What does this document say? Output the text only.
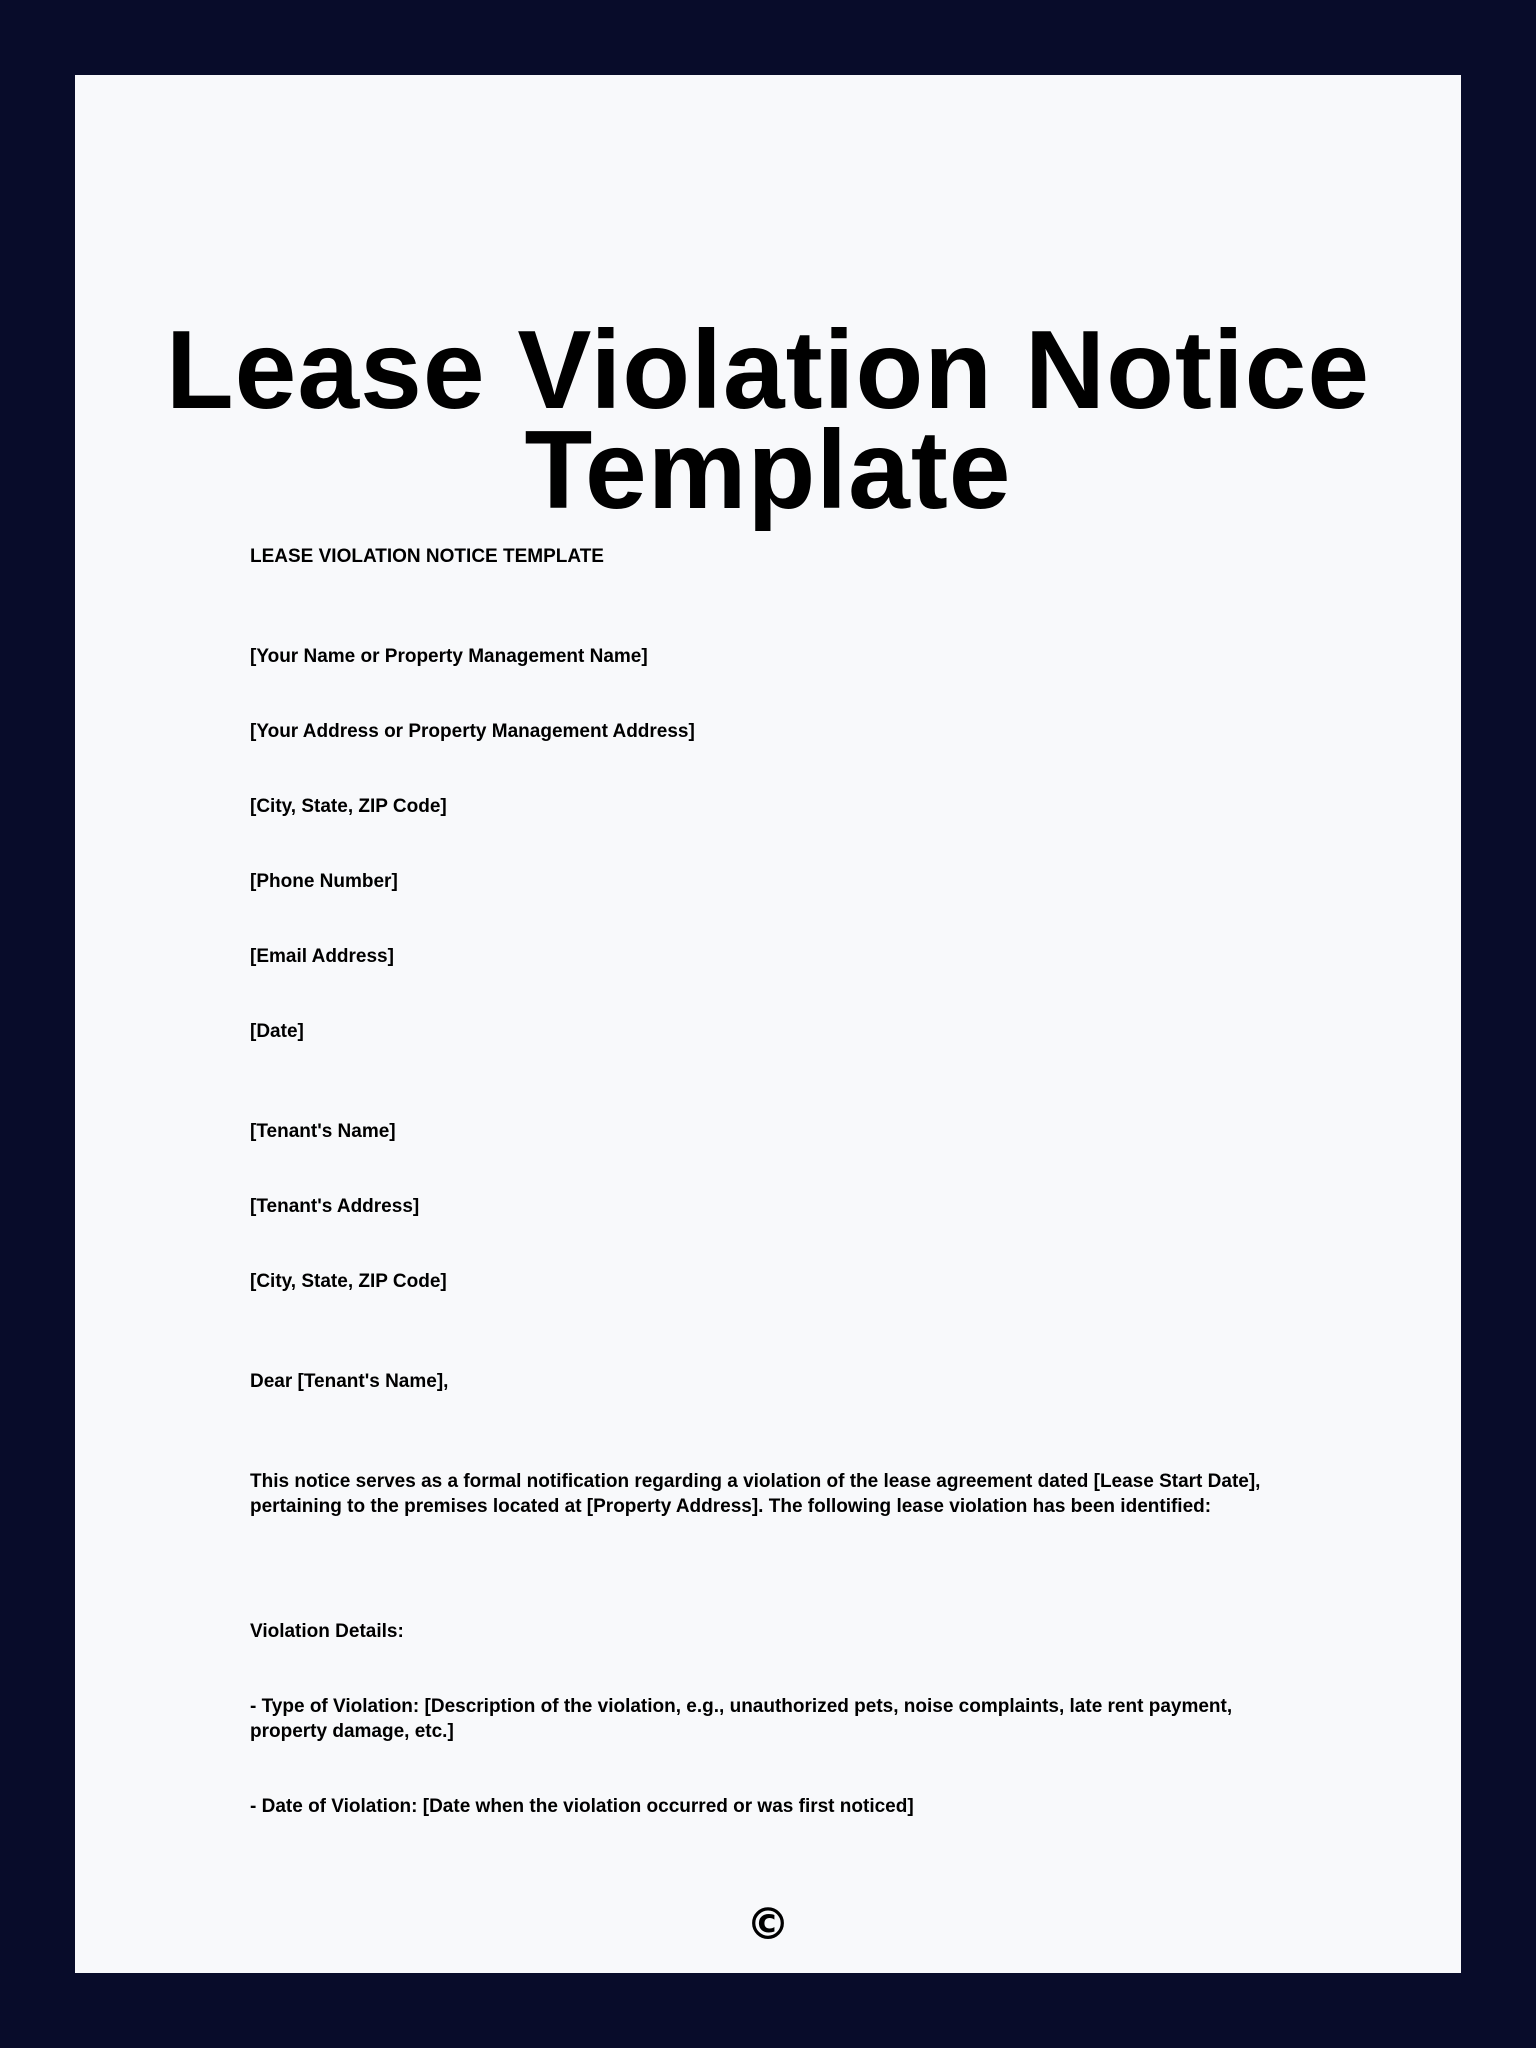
Lease Violation Notice
Template

LEASE VIOLATION NOTICE TEMPLATE

[Your Name or Property Management Name]

[Your Address or Property Management Address]

[City, State, ZIP Code]

[Phone Number]

[Email Address]

[Date]

[Tenant's Name]

[Tenant's Address]

[City, State, ZIP Code]

Dear [Tenant's Name],

This notice serves as a formal notification regarding a violation of the lease agreement dated [Lease Start Date], pertaining to the premises located at [Property Address]. The following lease violation has been identified:

Violation Details:

- Type of Violation: [Description of the violation, e.g., unauthorized pets, noise complaints, late rent payment, property damage, etc.]

- Date of Violation: [Date when the violation occurred or was first noticed]

©
